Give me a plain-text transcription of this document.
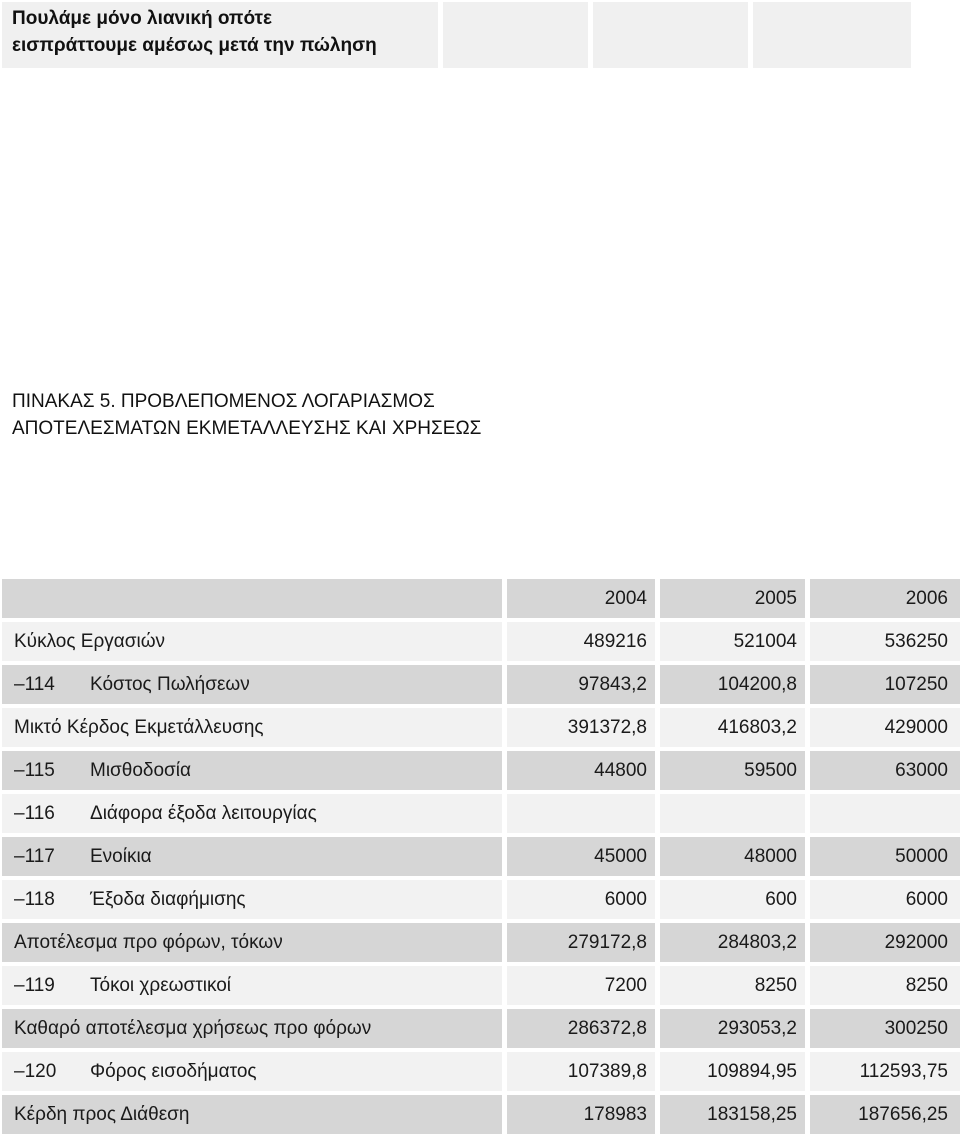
Πουλάμε μόνο λιανική οπότε
εισπράττουμε αμέσως μετά την πώληση
ΠΙΝΑΚΑΣ 5. ΠΡΟΒΛΕΠΟΜΕΝΟΣ ΛΟΓΑΡΙΑΣΜΟΣ
ΑΠΟΤΕΛΕΣΜΑΤΩΝ ΕΚΜΕΤΑΛΛΕΥΣΗΣ ΚΑΙ ΧΡΗΣΕΩΣ
2004	2005	2006
Κύκλος Εργασιών	489216	521004	536250
–114 Κόστος Πωλήσεων	97843,2	104200,8	107250
Μικτό Κέρδος Εκμετάλλευσης	391372,8	416803,2	429000
–115 Μισθοδοσία	44800	59500	63000
–116 Διάφορα έξοδα λειτουργίας
–117 Ενοίκια	45000	48000	50000
–118 Έξοδα διαφήμισης	6000	600	6000
Αποτέλεσμα προ φόρων, τόκων	279172,8	284803,2	292000
–119 Τόκοι χρεωστικοί	7200	8250	8250
Καθαρό αποτέλεσμα χρήσεως προ φόρων	286372,8	293053,2	300250
–120 Φόρος εισοδήματος	107389,8	109894,95	112593,75
Κέρδη προς Διάθεση	178983	183158,25	187656,25
